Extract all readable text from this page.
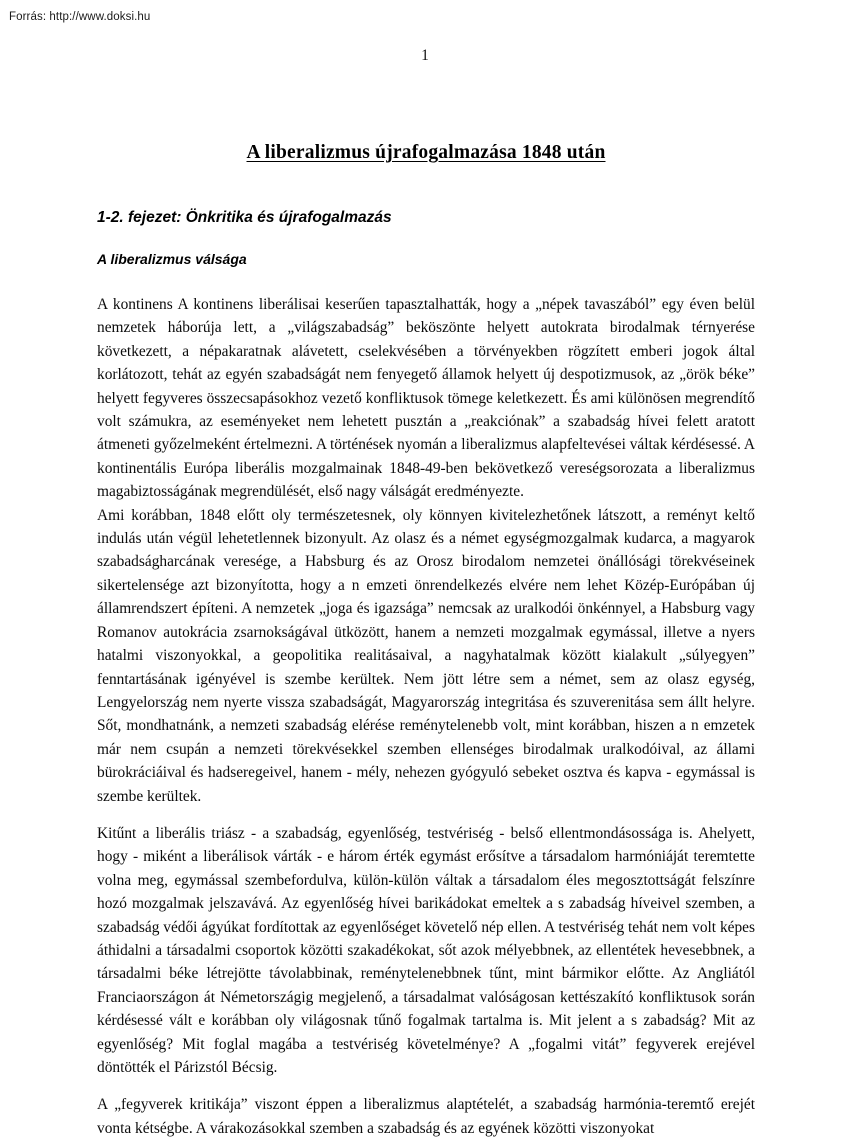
Forrás: http://www.doksi.hu
1
A liberalizmus újrafogalmazása 1848 után
1-2. fejezet: Önkritika és újrafogalmazás
A liberalizmus válsága

A kontinens A kontinens liberálisai keserűen tapasztalhatták, hogy a „népek tavaszából” egy éven belül nemzetek háborúja lett, a „világszabadság” beköszönte helyett autokrata birodalmak térnyerése következett, a népakaratnak alávetett, cselekvésében a törvényekben rögzített emberi jogok által korlátozott, tehát az egyén szabadságát nem fenyegető államok helyett új despotizmusok, az „örök béke” helyett fegyveres összecsapásokhoz vezető konfliktusok tömege keletkezett. És ami különösen megrendítő volt számukra, az eseményeket nem lehetett pusztán a „reakciónak” a szabadság hívei felett aratott átmeneti győzelmeként értelmezni. A történések nyomán a liberalizmus alapfeltevései váltak kérdésessé. A kontinentális Európa liberális mozgalmainak 1848-49-ben bekövetkező vereségsorozata a liberalizmus magabiztosságának megrendülését, első nagy válságát eredményezte.

Ami korábban, 1848 előtt oly természetesnek, oly könnyen kivitelezhetőnek látszott, a reményt keltő indulás után végül lehetetlennek bizonyult. Az olasz és a német egységmozgalmak kudarca, a magyarok szabadságharcának veresége, a Habsburg és az Orosz birodalom nemzetei önállósági törekvéseinek sikertelensége azt bizonyította, hogy a n emzeti önrendelkezés elvére nem lehet Közép-Európában új államrendszert építeni. A nemzetek „joga és igazsága” nemcsak az uralkodói önkénnyel, a Habsburg vagy Romanov autokrácia zsarnokságával ütközött, hanem a nemzeti mozgalmak egymással, illetve a nyers hatalmi viszonyokkal, a geopolitika realitásaival, a nagyhatalmak között kialakult „súlyegyen” fenntartásának igényével is szembe kerültek. Nem jött létre sem a német, sem az olasz egység, Lengyelország nem nyerte vissza szabadságát, Magyarország integritása és szuverenitása sem állt helyre. Sőt, mondhatnánk, a nemzeti szabadság elérése reménytelenebb volt, mint korábban, hiszen a n emzetek már nem csupán a nemzeti törekvésekkel szemben ellenséges birodalmak uralkodóival, az állami bürokráciáival és hadseregeivel, hanem - mély, nehezen gyógyuló sebeket osztva és kapva - egymással is szembe kerültek.

Kitűnt a liberális triász - a szabadság, egyenlőség, testvériség - belső ellentmondásossága is. Ahelyett, hogy - miként a liberálisok várták - e három érték egymást erősítve a társadalom harmóniáját teremtette volna meg, egymással szembefordulva, külön-külön váltak a társadalom éles megosztottságát felszínre hozó mozgalmak jelszavává. Az egyenlőség hívei barikádokat emeltek a s zabadság híveivel szemben, a szabadság védői ágyúkat fordítottak az egyenlőséget követelő nép ellen. A testvériség tehát nem volt képes áthidalni a társadalmi csoportok közötti szakadékokat, sőt azok mélyebbnek, az ellentétek hevesebbnek, a társadalmi béke létrejötte távolabbinak, reménytelenebbnek tűnt, mint bármikor előtte. Az Angliától Franciaországon át Németországig megjelenő, a társadalmat valóságosan kettészakító konfliktusok során kérdésessé vált e korábban oly világosnak tűnő fogalmak tartalma is. Mit jelent a s zabadság? Mit az egyenlőség? Mit foglal magába a testvériség követelménye? A „fogalmi vitát” fegyverek erejével döntötték el Párizstól Bécsig.

A „fegyverek kritikája” viszont éppen a liberalizmus alaptételét, a szabadság harmónia-teremtő erejét vonta kétségbe. A várakozásokkal szemben a szabadság és az egyének közötti viszonyokat
